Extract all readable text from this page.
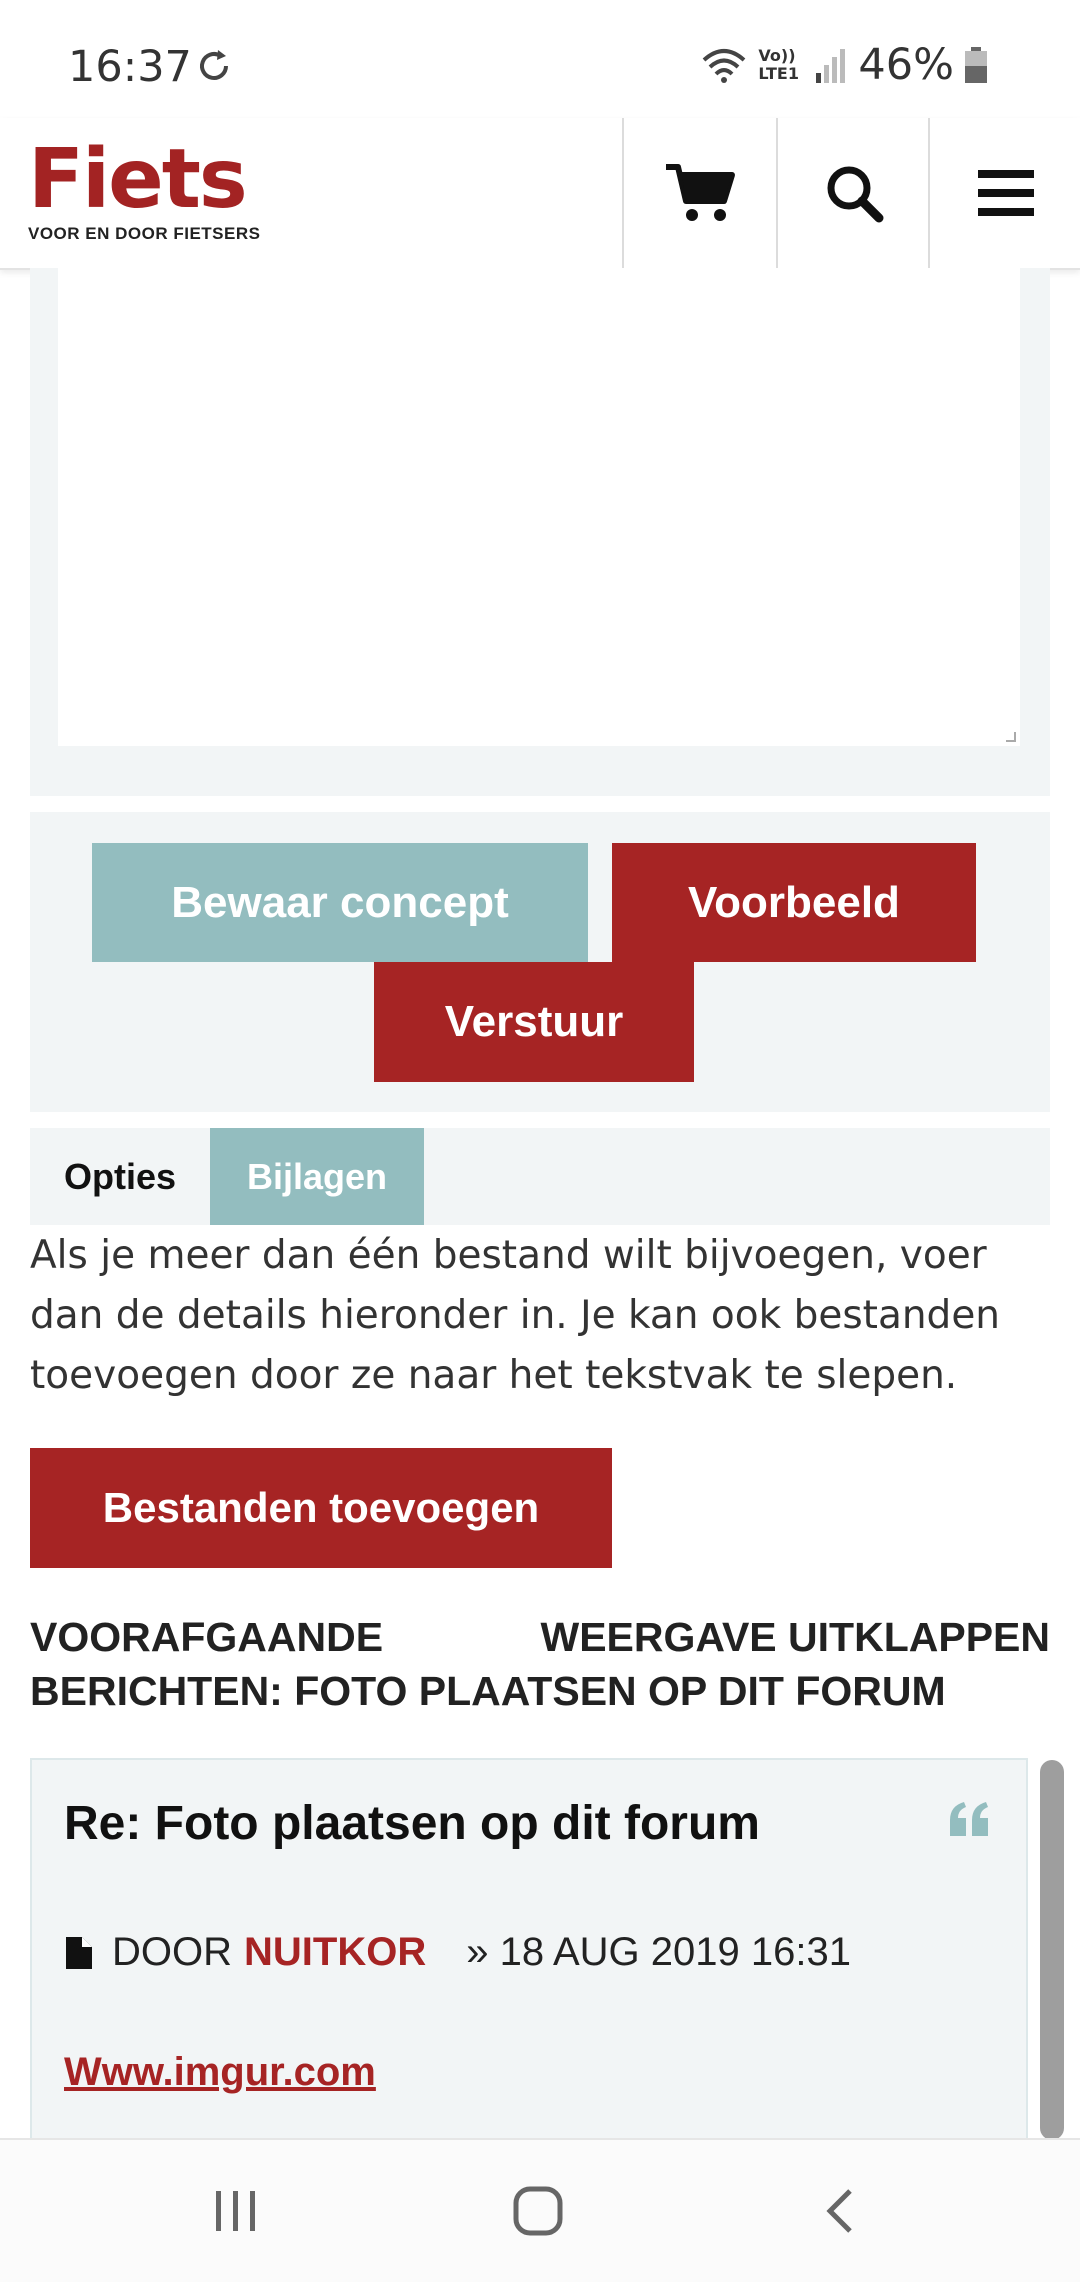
16:37	Vo)) LTE1 46%
Fiets
VOOR EN DOOR FIETSERS
Bewaar concept	Voorbeeld
Verstuur
Opties	Bijlagen
Als je meer dan één bestand wilt bijvoegen, voer dan de details hieronder in. Je kan ook bestanden toevoegen door ze naar het tekstvak te slepen.
Bestanden toevoegen
VOORAFGAANDE
BERICHTEN: FOTO PLAATSEN OP DIT FORUM
WEERGAVE UITKLAPPEN
Re: Foto plaatsen op dit forum
DOOR NUITKOR » 18 AUG 2019 16:31
Www.imgur.com
